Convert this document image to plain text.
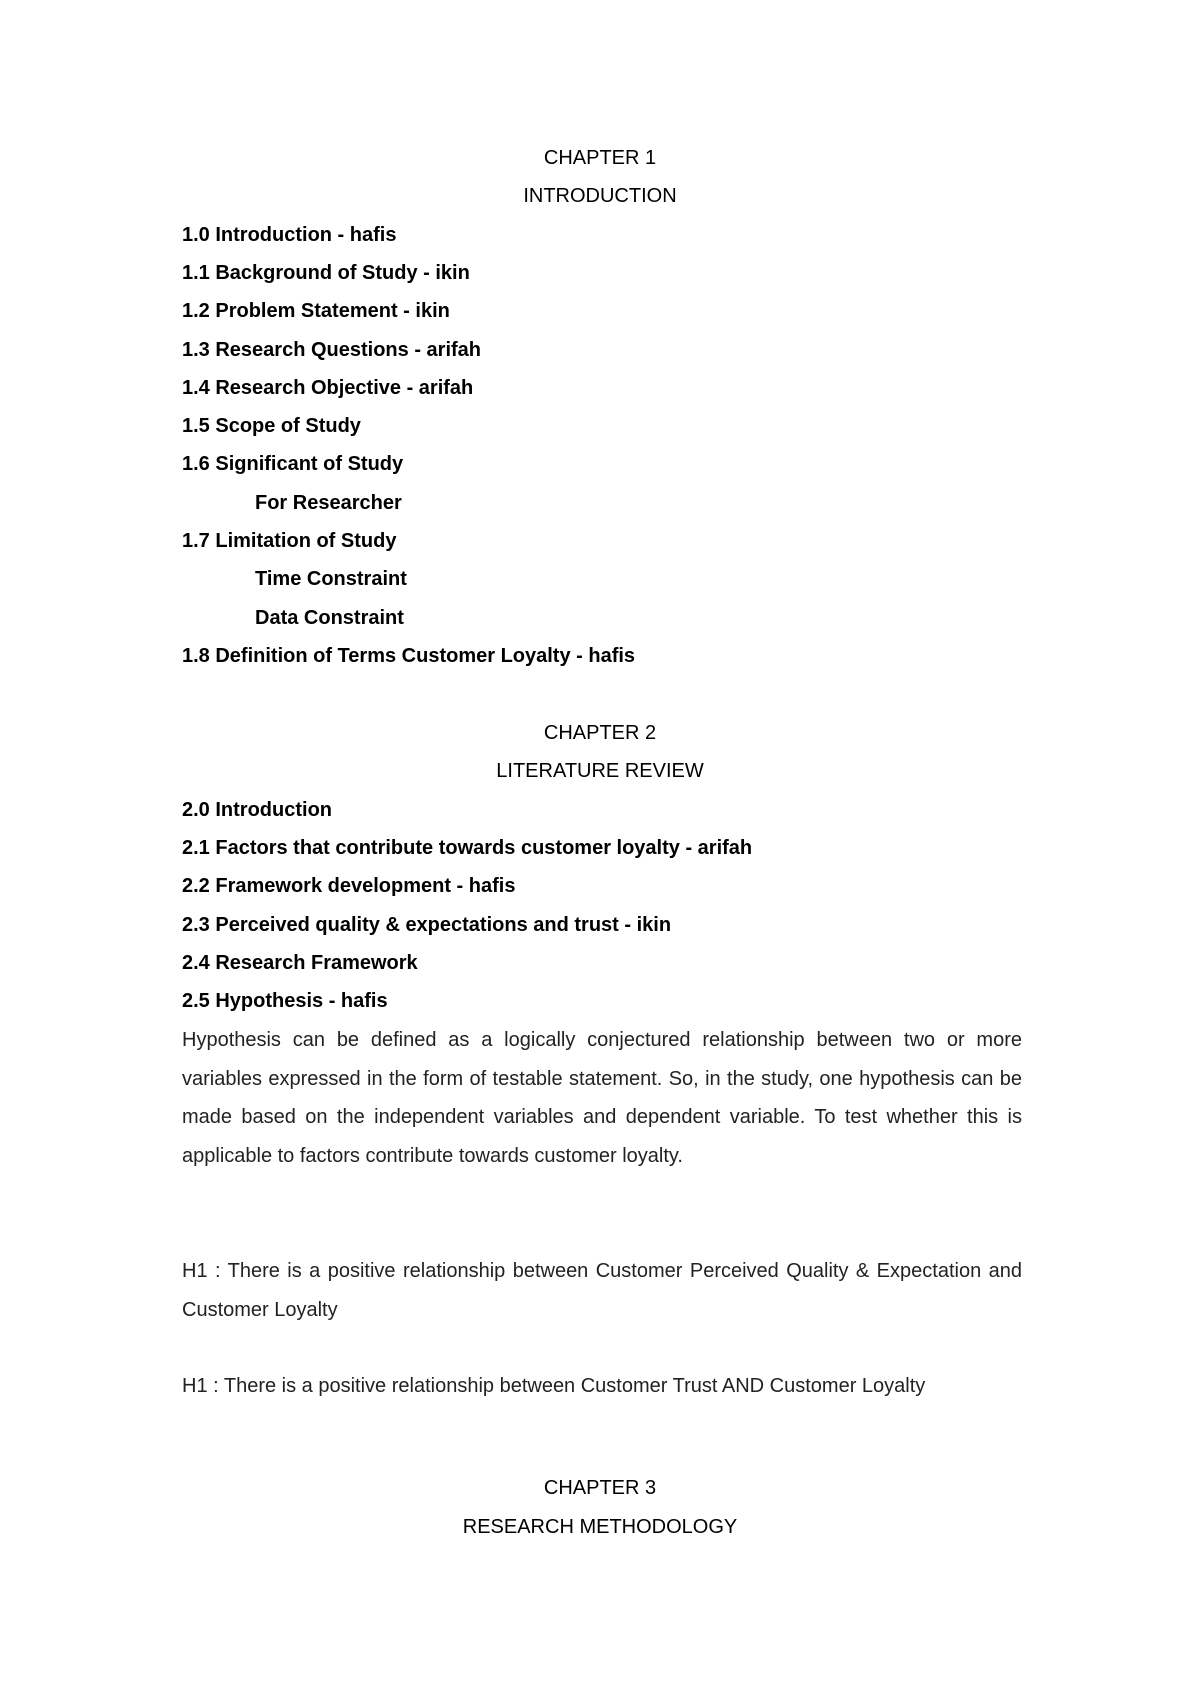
CHAPTER 1
INTRODUCTION
1.0 Introduction - hafis
1.1 Background of Study - ikin
1.2 Problem Statement - ikin
1.3 Research Questions - arifah
1.4 Research Objective - arifah
1.5 Scope of Study
1.6 Significant of Study
For Researcher
1.7 Limitation of Study
Time Constraint
Data Constraint
1.8 Definition of Terms Customer Loyalty - hafis
CHAPTER 2
LITERATURE REVIEW
2.0 Introduction
2.1 Factors that contribute towards customer loyalty - arifah
2.2 Framework development - hafis
2.3 Perceived quality & expectations and trust - ikin
2.4 Research Framework
2.5 Hypothesis - hafis
Hypothesis can be defined as a logically conjectured relationship between two or more variables expressed in the form of testable statement. So, in the study, one hypothesis can be made based on the independent variables and dependent variable. To test whether this is applicable to factors contribute towards customer loyalty.
H1 : There is a positive relationship between Customer Perceived Quality & Expectation and Customer Loyalty
H1 : There is a positive relationship between Customer Trust AND Customer Loyalty
CHAPTER 3
RESEARCH METHODOLOGY
